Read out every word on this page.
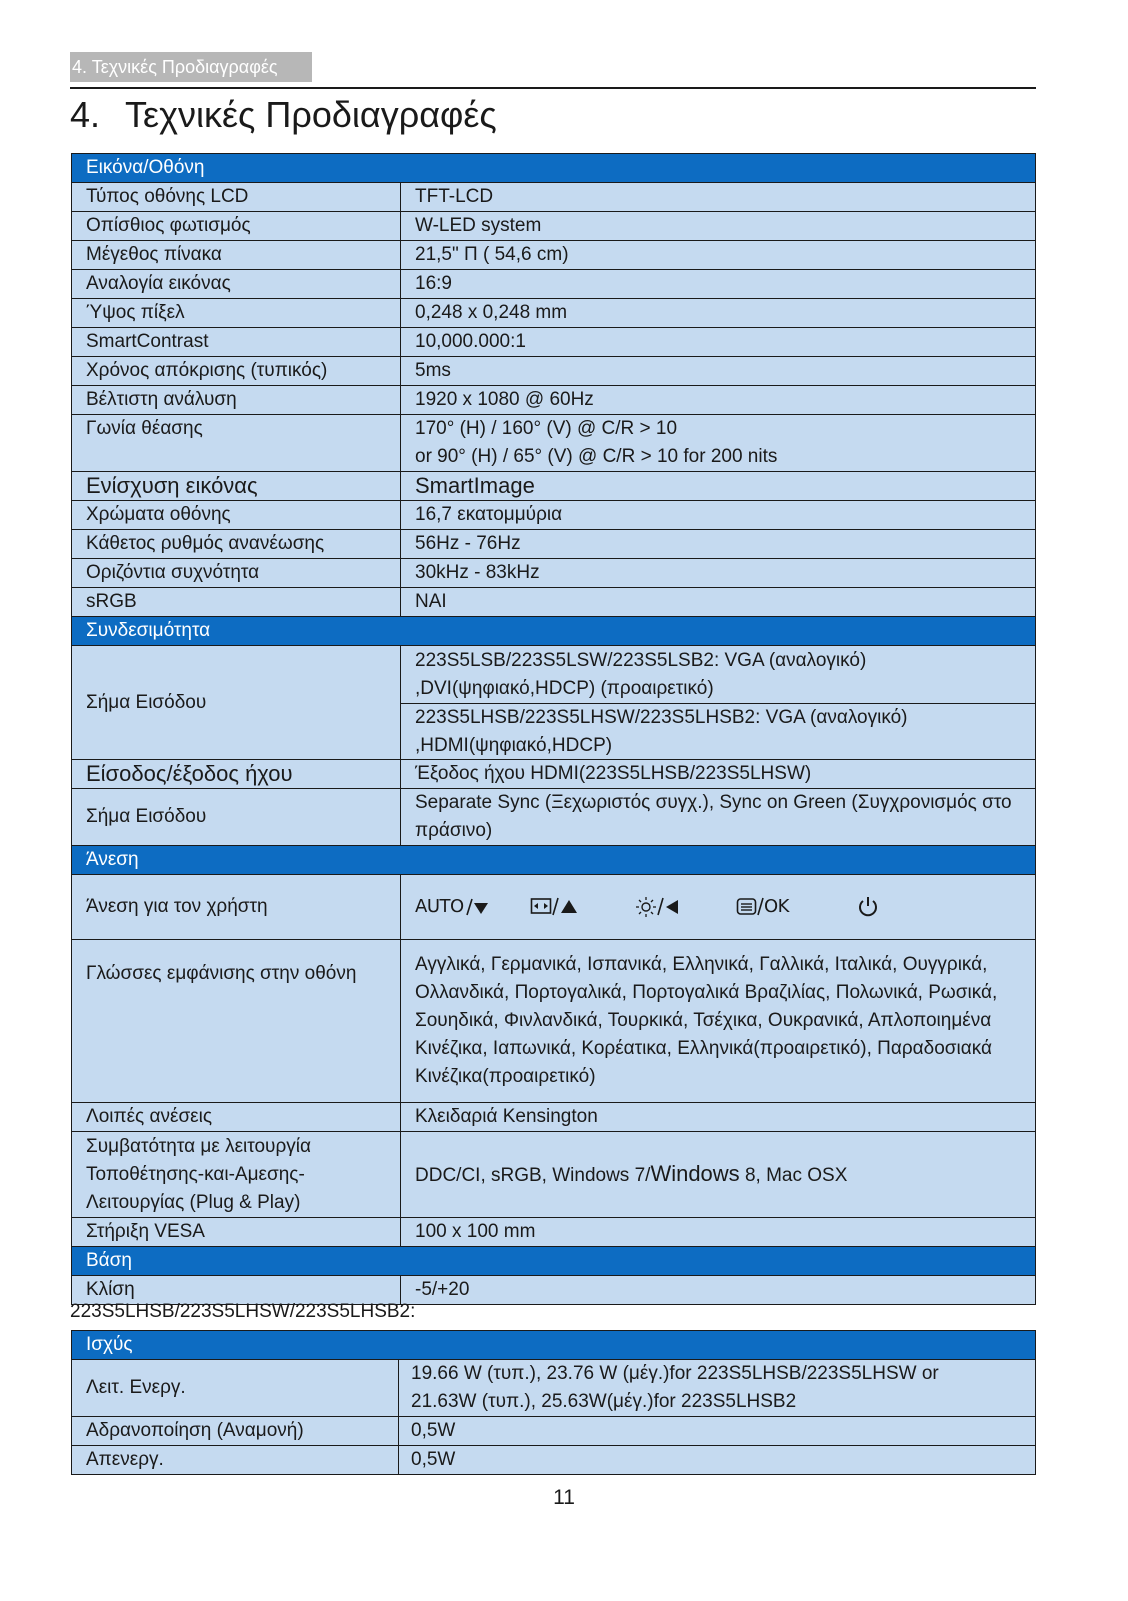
4. Τεχνικές Προδιαγραφές
4. Τεχνικές Προδιαγραφές
Εικόνα/Οθόνη	
Τύπος οθόνης LCD	TFT-LCD
Οπίσθιος φωτισμός	W-LED system
Μέγεθος πίνακα	21,5" Π ( 54,6 cm)
Αναλογία εικόνας	16:9
Ύψος πίξελ	0,248 x 0,248 mm
SmartContrast	10,000.000:1
Χρόνος απόκρισης (τυπικός)	5ms
Βέλτιστη ανάλυση	1920 x 1080 @ 60Hz
Γωνία θέασης	170° (H) / 160° (V) @ C/R > 10
or 90° (H) / 65° (V) @ C/R > 10 for 200 nits

Ενίσχυση εικόνας	SmartImage
Χρώματα οθόνης	16,7 εκατομμύρια
Κάθετος ρυθμός ανανέωσης	56Hz - 76Hz
Οριζόντια συχνότητα	30kHz - 83kHz
sRGB	NAI
Συνδεσιμότητα	
Σήμα Εισόδου	223S5LSB/223S5LSW/223S5LSB2: VGA (αναλογικό) ,DVI(ψηφιακό,HDCP) (προαιρετικό)
223S5LHSB/223S5LHSW/223S5LHSB2: VGA (αναλογικό) ,HDMI(ψηφιακό,HDCP)

Είσοδος/έξοδος ήχου	Έξοδος ήχου HDMI(223S5LHSB/223S5LHSW)
Σήμα Εισόδου	Separate Sync (Ξεχωριστός συγχ.), Sync on Green (Συγχρονισμός στο πράσινο)
Άνεση	
Άνεση για τον χρήστη	AUTO OK

Γλώσσες εμφάνισης στην οθόνη	Αγγλικά, Γερμανικά, Ισπανικά, Ελληνικά, Γαλλικά, Ιταλικά, Ουγγρικά, Ολλανδικά, Πορτογαλικά, Πορτογαλικά Βραζιλίας, Πολωνικά, Ρωσικά, Σουηδικά, Φινλανδικά, Τουρκικά, Τσέχικα, Ουκρανικά, Απλοποιημένα Κινέζικα, Ιαπωνικά, Κορέατικα, Ελληνικά(προαιρετικό), Παραδοσιακά Κινέζικα(προαιρετικό)
Λοιπές ανέσεις	Κλειδαριά Kensington
Συμβατότητα με λειτουργία Τοποθέτησης-και-Αμεσης-Λειτουργίας (Plug & Play)	DDC/CI, sRGB, Windows 7/Windows 8, Mac OSX
Στήριξη VESA	100 x 100 mm
Βάση	
Κλίση	-5/+20
223S5LHSB/223S5LHSW/223S5LHSB2:
Ισχύς	
Λειτ. Ενεργ.	19.66 W (τυπ.), 23.76 W (μέγ.)for 223S5LHSB/223S5LHSW or
21.63W (τυπ.), 25.63W(μέγ.)for 223S5LHSB2

Αδρανοποίηση (Αναμονή)	0,5W
Απενεργ.	0,5W
11
